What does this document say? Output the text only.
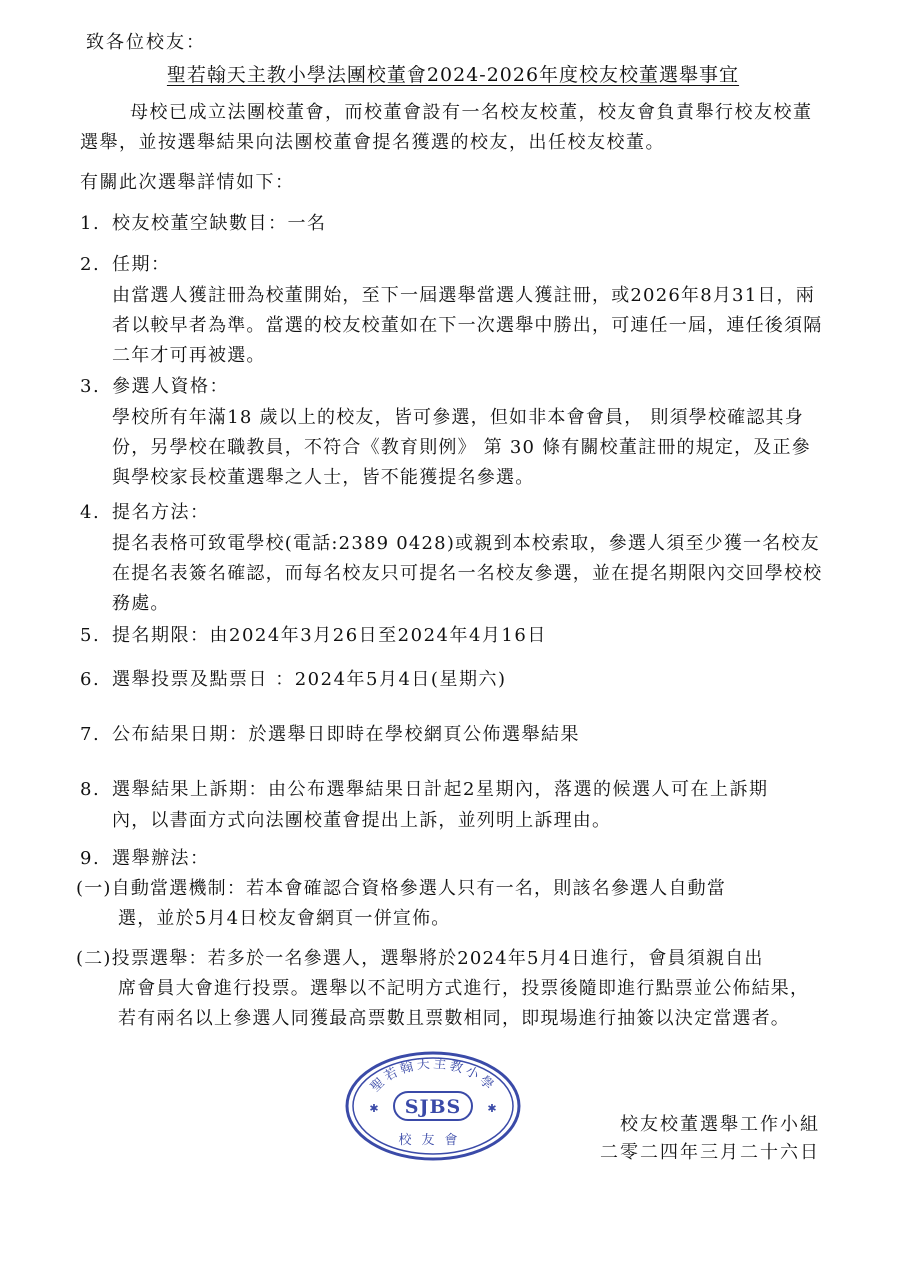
致各位校友：
聖若翰天主教小學法團校董會2024-2026年度校友校董選舉事宜
母校已成立法團校董會，而校董會設有一名校友校董，校友會負責舉行校友校董選舉，並按選舉結果向法團校董會提名獲選的校友，出任校友校董。
有關此次選舉詳情如下：
1. 校友校董空缺數目：一名
2. 任期：
由當選人獲註冊為校董開始，至下一屆選舉當選人獲註冊，或2026年8月31日，兩者以較早者為準。當選的校友校董如在下一次選舉中勝出，可連任一屆，連任後須隔二年才可再被選。
3. 參選人資格：
學校所有年滿18 歲以上的校友，皆可參選，但如非本會會員， 則須學校確認其身份，另學校在職教員，不符合《教育則例》 第 30 條有關校董註冊的規定，及正參與學校家長校董選舉之人士，皆不能獲提名參選。
4. 提名方法：
提名表格可致電學校(電話:2389 0428)或親到本校索取，參選人須至少獲一名校友在提名表簽名確認，而每名校友只可提名一名校友參選，並在提名期限內交回學校校務處。
5. 提名期限：由2024年3月26日至2024年4月16日
6. 選舉投票及點票日 ：2024年5月4日(星期六)
7. 公布結果日期：於選舉日即時在學校網頁公佈選舉結果
8. 選舉結果上訴期：由公布選舉結果日計起2星期內，落選的候選人可在上訴期
內，以書面方式向法團校董會提出上訴，並列明上訴理由。
9. 選舉辦法：
(一)自動當選機制：若本會確認合資格參選人只有一名，則該名參選人自動當
選，並於5月4日校友會網頁一併宣佈。
(二)投票選舉：若多於一名參選人，選舉將於2024年5月4日進行，會員須親自出
席會員大會進行投票。選舉以不記明方式進行，投票後隨即進行點票並公佈結果，若有兩名以上參選人同獲最高票數且票數相同，即現場進行抽簽以決定當選者。
聖若翰天主教小學
✱	✱
SJBS
校友會
校友校董選舉工作小組
二零二四年三月二十六日
